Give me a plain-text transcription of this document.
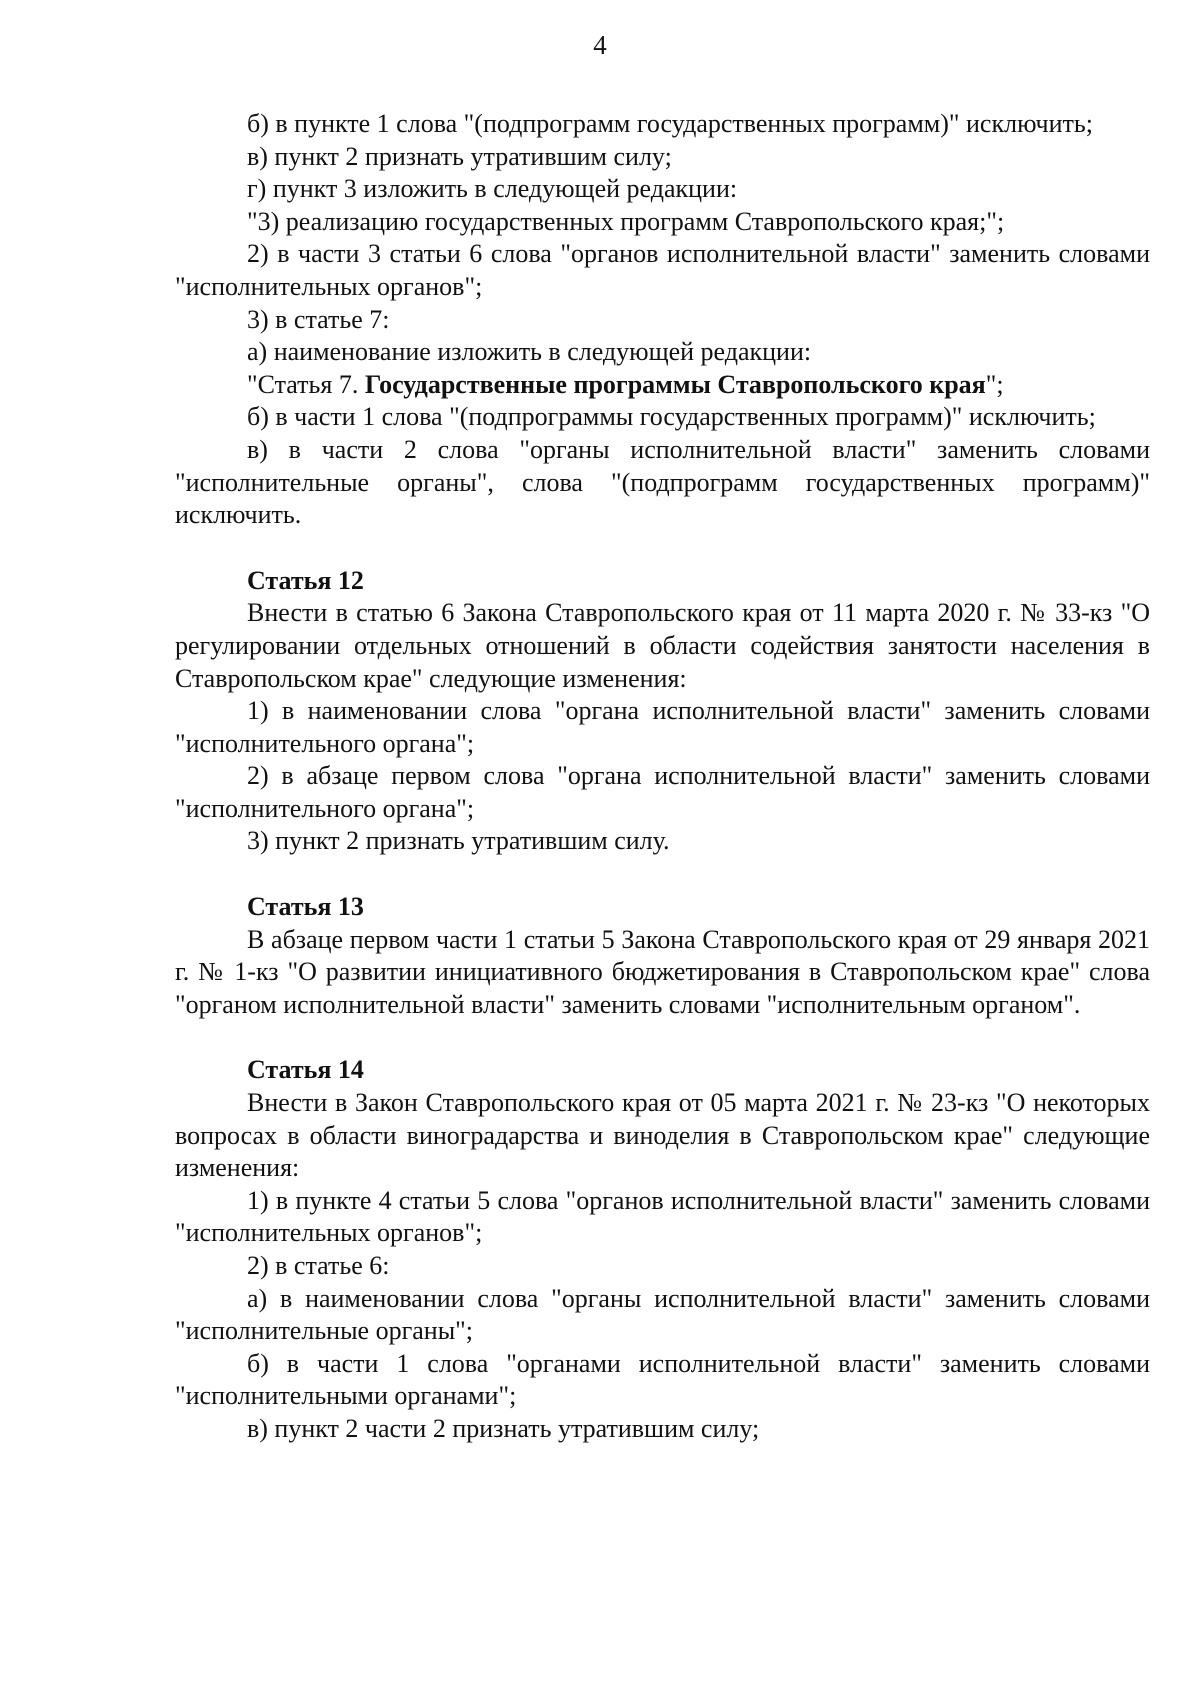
4

б) в пункте 1 слова "(подпрограмм государственных программ)" исключить;

в) пункт 2 признать утратившим силу;

г) пункт 3 изложить в следующей редакции:

"3) реализацию государственных программ Ставропольского края;";

2) в части 3 статьи 6 слова "органов исполнительной власти" заменить словами "исполнительных органов";

3) в статье 7:

а) наименование изложить в следующей редакции:

"Статья 7. Государственные программы Ставропольского края";

б) в части 1 слова "(подпрограммы государственных программ)" исключить;

в) в части 2 слова "органы исполнительной власти" заменить словами "исполнительные органы", слова "(подпрограмм государственных программ)" исключить.

Статья 12

Внести в статью 6 Закона Ставропольского края от 11 марта 2020 г. № 33-кз "О регулировании отдельных отношений в области содействия занятости населения в Ставропольском крае" следующие изменения:

1) в наименовании слова "органа исполнительной власти" заменить словами "исполнительного органа";

2) в абзаце первом слова "органа исполнительной власти" заменить словами "исполнительного органа";

3) пункт 2 признать утратившим силу.

Статья 13

В абзаце первом части 1 статьи 5 Закона Ставропольского края от 29 января 2021 г. № 1-кз "О развитии инициативного бюджетирования в Ставропольском крае" слова "органом исполнительной власти" заменить словами "исполнительным органом".

Статья 14

Внести в Закон Ставропольского края от 05 марта 2021 г. № 23-кз "О некоторых вопросах в области виноградарства и виноделия в Ставропольском крае" следующие изменения:

1) в пункте 4 статьи 5 слова "органов исполнительной власти" заменить словами "исполнительных органов";

2) в статье 6:

а) в наименовании слова "органы исполнительной власти" заменить словами "исполнительные органы";

б) в части 1 слова "органами исполнительной власти" заменить словами "исполнительными органами";

в) пункт 2 части 2 признать утратившим силу;
